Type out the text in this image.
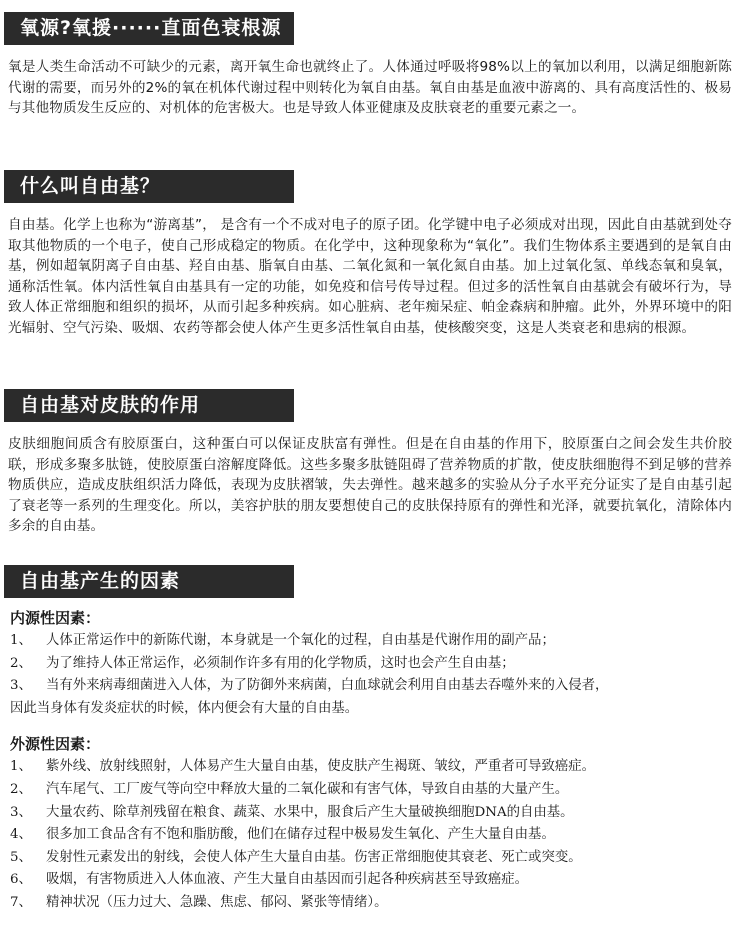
氧源?氧援······直面色衰根源

氧是人类生命活动不可缺少的元素，离开氧生命也就终止了。人体通过呼吸将98%以上的氧加以利用，以满足细胞新陈代谢的需要，而另外的2%的氧在机体代谢过程中则转化为氧自由基。氧自由基是血液中游离的、具有高度活性的、极易与其他物质发生反应的、对机体的危害极大。也是导致人体亚健康及皮肤衰老的重要元素之一。

什么叫自由基？

自由基。化学上也称为“游离基”， 是含有一个不成对电子的原子团。化学键中电子必须成对出现，因此自由基就到处夺取其他物质的一个电子，使自己形成稳定的物质。在化学中，这种现象称为“氧化”。我们生物体系主要遇到的是氧自由基，例如超氧阴离子自由基、羟自由基、脂氧自由基、二氧化氮和一氧化氮自由基。加上过氧化氢、单线态氧和臭氧，通称活性氧。体内活性氧自由基具有一定的功能，如免疫和信号传导过程。但过多的活性氧自由基就会有破坏行为，导致人体正常细胞和组织的损坏，从而引起多种疾病。如心脏病、老年痴呆症、帕金森病和肿瘤。此外，外界环境中的阳光辐射、空气污染、吸烟、农药等都会使人体产生更多活性氧自由基，使核酸突变，这是人类衰老和患病的根源。

自由基对皮肤的作用

皮肤细胞间质含有胶原蛋白，这种蛋白可以保证皮肤富有弹性。但是在自由基的作用下，胶原蛋白之间会发生共价胶联，形成多聚多肽链，使胶原蛋白溶解度降低。这些多聚多肽链阻碍了营养物质的扩散，使皮肤细胞得不到足够的营养物质供应，造成皮肤组织活力降低，表现为皮肤褶皱，失去弹性。越来越多的实验从分子水平充分证实了是自由基引起了衰老等一系列的生理变化。所以，美容护肤的朋友要想使自己的皮肤保持原有的弹性和光泽，就要抗氧化，清除体内多余的自由基。

自由基产生的因素
内源性因素：
1、	人体正常运作中的新陈代谢，本身就是一个氧化的过程，自由基是代谢作用的副产品；
2、	为了维持人体正常运作，必须制作许多有用的化学物质，这时也会产生自由基；
3、	当有外来病毒细菌进入人体，为了防御外来病菌，白血球就会利用自由基去吞噬外来的入侵者，
因此当身体有发炎症状的时候，体内便会有大量的自由基。
外源性因素：
1、	紫外线、放射线照射，人体易产生大量自由基，使皮肤产生褐斑、皱纹，严重者可导致癌症。
2、	汽车尾气、工厂废气等向空中释放大量的二氧化碳和有害气体，导致自由基的大量产生。
3、	大量农药、除草剂残留在粮食、蔬菜、水果中，服食后产生大量破换细胞DNA的自由基。
4、	很多加工食品含有不饱和脂肪酸，他们在储存过程中极易发生氧化、产生大量自由基。
5、	发射性元素发出的射线，会使人体产生大量自由基。伤害正常细胞使其衰老、死亡或突变。
6、	吸烟，有害物质进入人体血液、产生大量自由基因而引起各种疾病甚至导致癌症。
7、	精神状况（压力过大、急躁、焦虑、郁闷、紧张等情绪）。
